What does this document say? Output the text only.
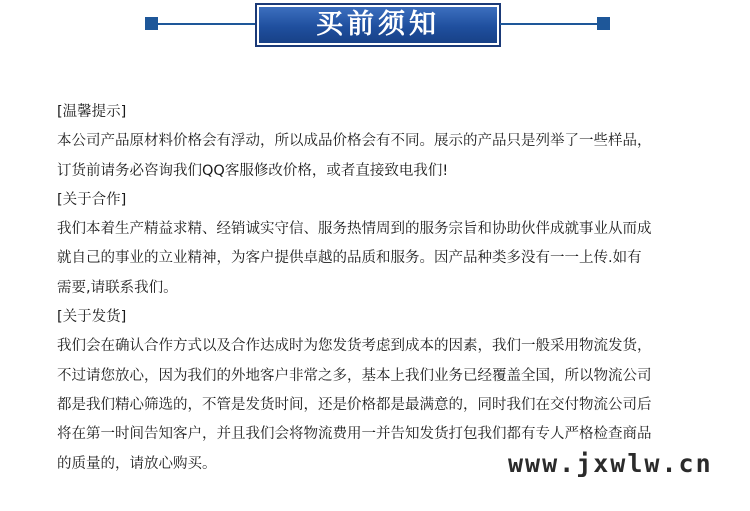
买前须知
[温馨提示]
本公司产品原材料价格会有浮动，所以成品价格会有不同。展示的产品只是列举了一些样品，
订货前请务必咨询我们QQ客服修改价格，或者直接致电我们!
[关于合作]
我们本着生产精益求精、经销诚实守信、服务热情周到的服务宗旨和协助伙伴成就事业从而成
就自己的事业的立业精神，为客户提供卓越的品质和服务。因产品种类多没有一一上传.如有
需要,请联系我们。
[关于发货]
我们会在确认合作方式以及合作达成时为您发货考虑到成本的因素，我们一般采用物流发货，
不过请您放心，因为我们的外地客户非常之多，基本上我们业务已经覆盖全国，所以物流公司
都是我们精心筛选的，不管是发货时间，还是价格都是最满意的，同时我们在交付物流公司后
将在第一时间告知客户，并且我们会将物流费用一并告知发货打包我们都有专人严格检查商品
的质量的，请放心购买。	www.jxwlw.cn
